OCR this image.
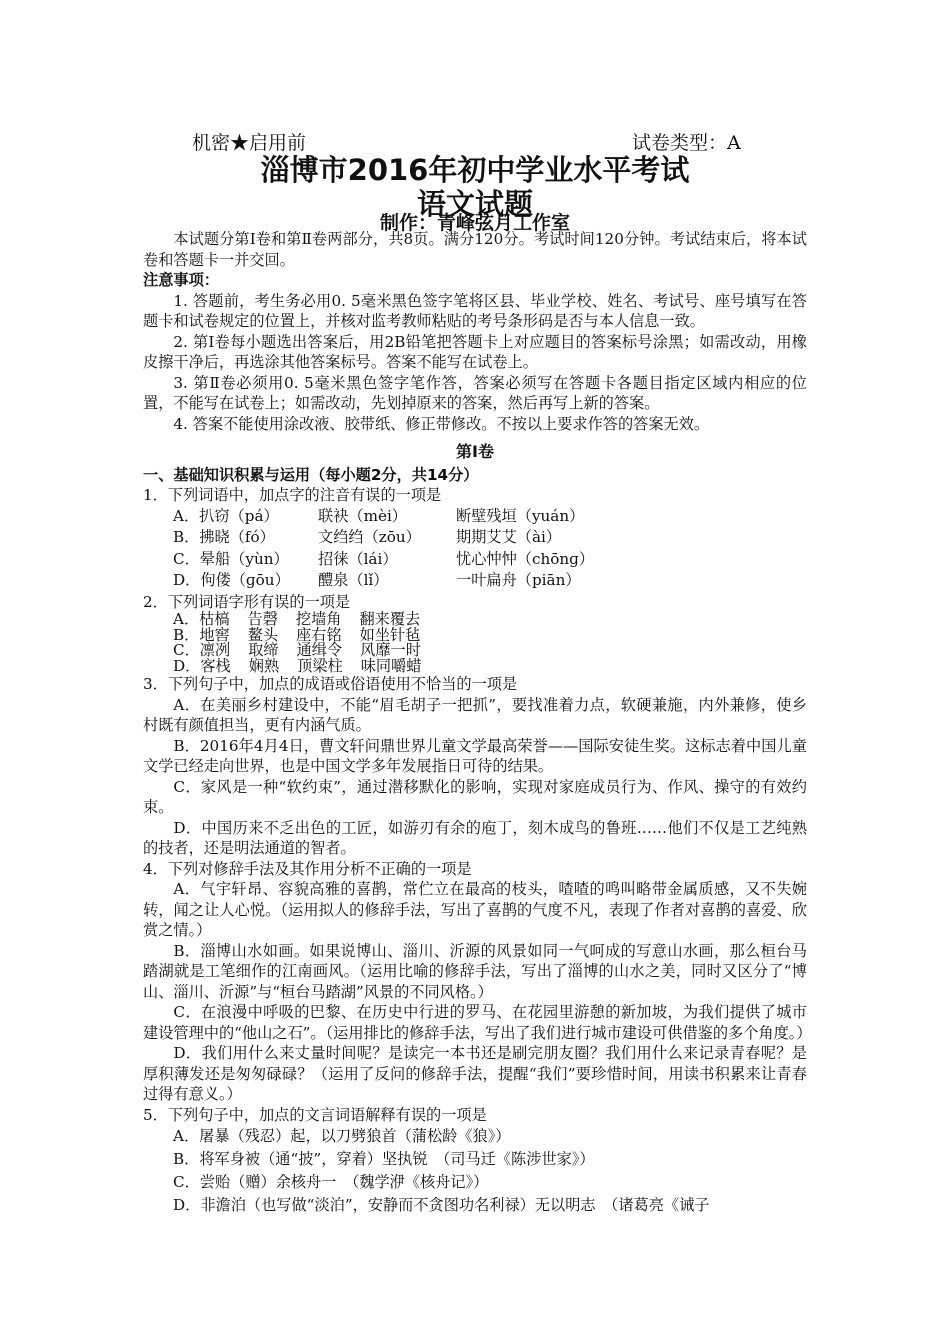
机密★启用前	试卷类型：A
淄博市2016年初中学业水平考试
语文试题
制作：青峰弦月工作室

本试题分第Ⅰ卷和第Ⅱ卷两部分，共8页。满分120分。考试时间120分钟。考试结束后，将本试卷和答题卡一并交回。

注意事项：

1. 答题前，考生务必用0. 5毫米黑色签字笔将区县、毕业学校、姓名、考试号、座号填写在答题卡和试卷规定的位置上，并核对监考教师粘贴的考号条形码是否与本人信息一致。

2. 第Ⅰ卷每小题选出答案后，用2B铅笔把答题卡上对应题目的答案标号涂黑；如需改动，用橡皮擦干净后，再选涂其他答案标号。答案不能写在试卷上。

3. 第Ⅱ卷必须用0. 5毫米黑色签字笔作答，答案必须写在答题卡各题目指定区域内相应的位置，不能写在试卷上；如需改动，先划掉原来的答案，然后再写上新的答案。

4. 答案不能使用涂改液、胶带纸、修正带修改。不按以上要求作答的答案无效。

第Ⅰ卷

一、基础知识积累与运用（每小题2分，共14分）

1．下列词语中，加点字的注音有误的一项是

A．扒窃（pá）	联袂（mèi）	断壁残垣（yuán）

B．拂晓（fó）	文绉绉（zōu） 期期艾艾（ài）

C．晕船（yùn） 招徕（lái）	忧心忡忡（chōnɡ）

D．佝偻（ɡōu） 醴泉（lǐ）	一叶扁舟（piān）

2．下列词语字形有误的一项是

A．枯槁 告磬 挖墙角 翻来覆去

B．地窖 鳌头 座右铭 如坐针毡

C．凛冽 取缔 通缉令 风靡一时

D．客栈 娴熟 顶梁柱 味同嚼蜡

3．下列句子中，加点的成语或俗语使用不恰当的一项是

A．在美丽乡村建设中，不能“眉毛胡子一把抓”，要找准着力点，软硬兼施，内外兼修，使乡村既有颜值担当，更有内涵气质。

B．2016年4月4日，曹文轩问鼎世界儿童文学最高荣誉——国际安徒生奖。这标志着中国儿童文学已经走向世界，也是中国文学多年发展指日可待的结果。

C．家风是一种“软约束”，通过潜移默化的影响，实现对家庭成员行为、作风、操守的有效约束。

D．中国历来不乏出色的工匠，如游刃有余的庖丁，刻木成鸟的鲁班……他们不仅是工艺纯熟的技者，还是明法通道的智者。

4．下列对修辞手法及其作用分析不正确的一项是

A．气宇轩昂、容貌高雅的喜鹊，常伫立在最高的枝头，喳喳的鸣叫略带金属质感，又不失婉转，闻之让人心悦。（运用拟人的修辞手法，写出了喜鹊的气度不凡，表现了作者对喜鹊的喜爱、欣赏之情。）

B．淄博山水如画。如果说博山、淄川、沂源的风景如同一气呵成的写意山水画，那么桓台马踏湖就是工笔细作的江南画风。（运用比喻的修辞手法，写出了淄博的山水之美，同时又区分了“博山、淄川、沂源”与“桓台马踏湖”风景的不同风格。）

C．在浪漫中呼吸的巴黎、在历史中行进的罗马、在花园里游憩的新加坡，为我们提供了城市建设管理中的“他山之石”。（运用排比的修辞手法，写出了我们进行城市建设可供借鉴的多个角度。）

D．我们用什么来丈量时间呢？是读完一本书还是刷完朋友圈？我们用什么来记录青春呢？是厚积薄发还是匆匆碌碌？（运用了反问的修辞手法，提醒“我们”要珍惜时间，用读书积累来让青春过得有意义。）

5．下列句子中，加点的文言词语解释有误的一项是

A．屠暴（残忍）起，以刀劈狼首（蒲松龄《狼》）

B．将军身被（通“披”，穿着）坚执锐　（司马迁《陈涉世家》）

C．尝贻（赠）余核舟一　（魏学洢《核舟记》）

D．非澹泊（也写做“淡泊”，安静而不贪图功名利禄）无以明志　（诸葛亮《诫子
